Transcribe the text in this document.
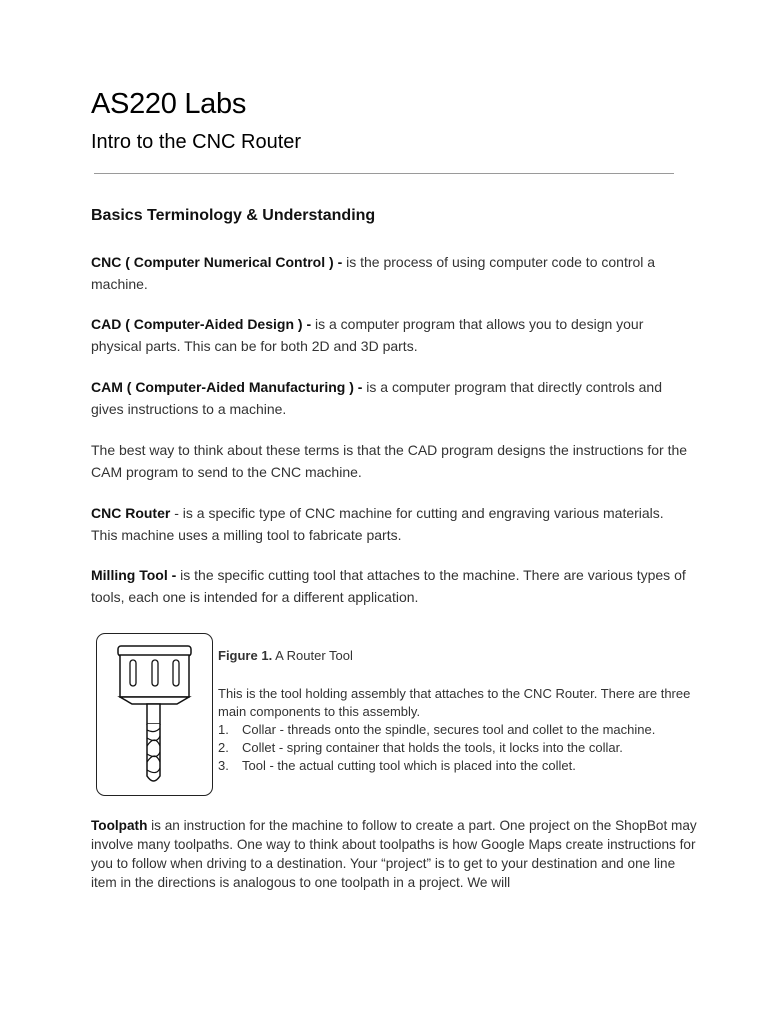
AS220 Labs
Intro to the CNC Router
Basics Terminology & Understanding

CNC ( Computer Numerical Control ) - is the process of using computer code to control a machine.

CAD ( Computer-Aided Design ) - is a computer program that allows you to design your physical parts. This can be for both 2D and 3D parts.

CAM ( Computer-Aided Manufacturing ) - is a computer program that directly controls and gives instructions to a machine.

The best way to think about these terms is that the CAD program designs the instructions for the CAM program to send to the CNC machine.

CNC Router - is a specific type of CNC machine for cutting and engraving various materials. This machine uses a milling tool to fabricate parts.

Milling Tool - is the specific cutting tool that attaches to the machine. There are various types of tools, each one is intended for a different application.

Figure 1. A Router Tool

This is the tool holding assembly that attaches to the CNC Router. There are three main components to this assembly.

1. Collar - threads onto the spindle, secures tool and collet to the machine.
2. Collet - spring container that holds the tools, it locks into the collar.
3. Tool - the actual cutting tool which is placed into the collet.

Toolpath is an instruction for the machine to follow to create a part. One project on the ShopBot may involve many toolpaths. One way to think about toolpaths is how Google Maps create instructions for you to follow when driving to a destination. Your “project” is to get to your destination and one line item in the directions is analogous to one toolpath in a project. We will
